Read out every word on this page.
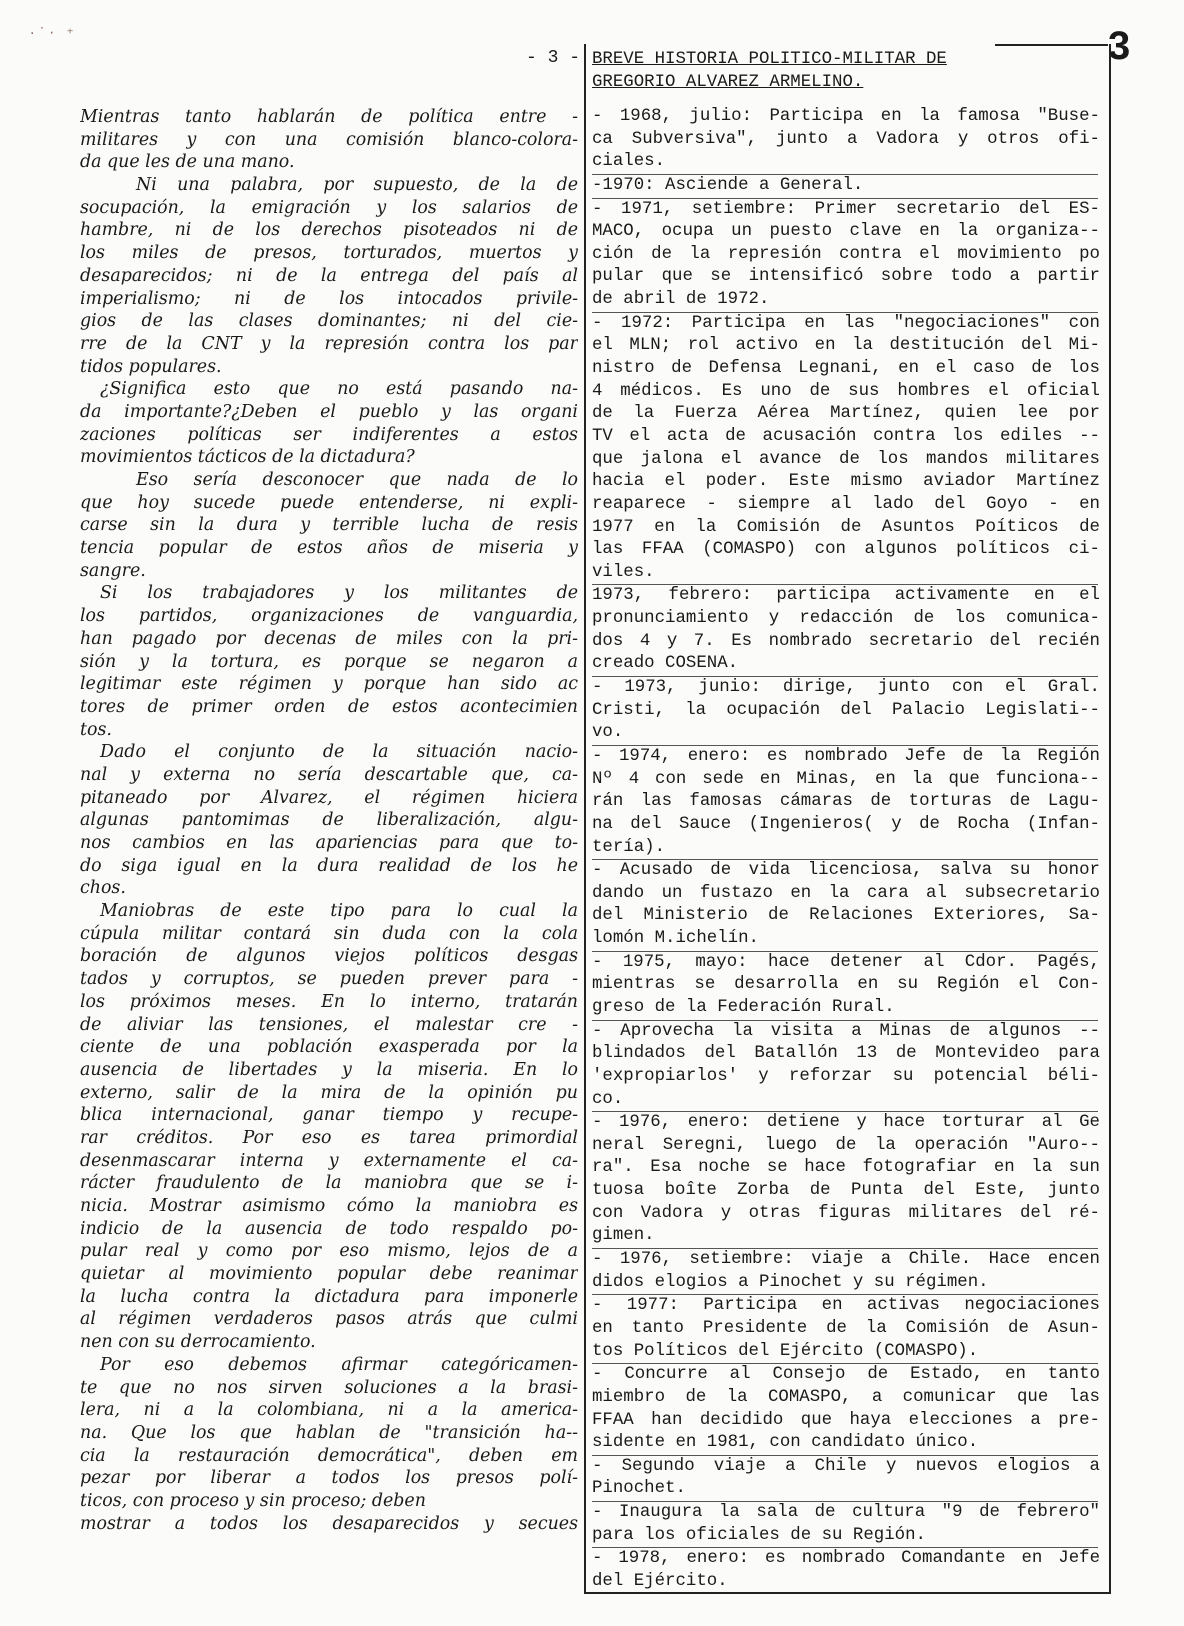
·˙‧ ⁺
- 3 -	3
BREVE HISTORIA POLITICO-MILITAR DE
GREGORIO ALVAREZ ARMELINO.
Mientras tanto hablarán de política entre -
militares y con una comisión blanco-colora-
da que les de una mano.
Ni una palabra, por supuesto, de la de
socupación, la emigración y los salarios de
hambre, ni de los derechos pisoteados ni de
los miles de presos, torturados, muertos y
desaparecidos; ni de la entrega del país al
imperialismo; ni de los intocados privile-
gios de las clases dominantes; ni del cie-
rre de la CNT y la represión contra los par
tidos populares.
¿Significa esto que no está pasando na-
da importante?¿Deben el pueblo y las organi
zaciones políticas ser indiferentes a estos
movimientos tácticos de la dictadura?
Eso sería desconocer que nada de lo
que hoy sucede puede entenderse, ni expli-
carse sin la dura y terrible lucha de resis
tencia popular de estos años de miseria y
sangre.
Si los trabajadores y los militantes de
los partidos, organizaciones de vanguardia,
han pagado por decenas de miles con la pri-
sión y la tortura, es porque se negaron a
legitimar este régimen y porque han sido ac
tores de primer orden de estos acontecimien
tos.
Dado el conjunto de la situación nacio-
nal y externa no sería descartable que, ca-
pitaneado por Alvarez, el régimen hiciera
algunas pantomimas de liberalización, algu-
nos cambios en las apariencias para que to-
do siga igual en la dura realidad de los he
chos.
Maniobras de este tipo para lo cual la
cúpula militar contará sin duda con la cola
boración de algunos viejos políticos desgas
tados y corruptos, se pueden prever para -
los próximos meses. En lo interno, tratarán
de aliviar las tensiones, el malestar cre -
ciente de una población exasperada por la
ausencia de libertades y la miseria. En lo
externo, salir de la mira de la opinión pu
blica internacional, ganar tiempo y recupe-
rar créditos. Por eso es tarea primordial
desenmascarar interna y externamente el ca-
rácter fraudulento de la maniobra que se i-
nicia. Mostrar asimismo cómo la maniobra es
indicio de la ausencia de todo respaldo po-
pular real y como por eso mismo, lejos de a
quietar al movimiento popular debe reanimar
la lucha contra la dictadura para imponerle
al régimen verdaderos pasos atrás que culmi
nen con su derrocamiento.
Por eso debemos afirmar categóricamen-
te que no nos sirven soluciones a la brasi-
lera, ni a la colombiana, ni a la america-
na. Que los que hablan de "transición ha--
cia la restauración democrática", deben em
pezar por liberar a todos los presos polí-
ticos, con proceso y sin proceso; deben
mostrar a todos los desaparecidos y secues
- 1968, julio: Participa en la famosa "Buse-
ca Subversiva", junto a Vadora y otros ofi-
ciales.
-1970: Asciende a General.
- 1971, setiembre: Primer secretario del ES-
MACO, ocupa un puesto clave en la organiza--
ción de la represión contra el movimiento po
pular que se intensificó sobre todo a partir
de abril de 1972.
- 1972: Participa en las "negociaciones" con
el MLN; rol activo en la destitución del Mi-
nistro de Defensa Legnani, en el caso de los
4 médicos. Es uno de sus hombres el oficial
de la Fuerza Aérea Martínez, quien lee por
TV el acta de acusación contra los ediles --
que jalona el avance de los mandos militares
hacia el poder. Este mismo aviador Martínez
reaparece - siempre al lado del Goyo - en
1977 en la Comisión de Asuntos Poíticos de
las FFAA (COMASPO) con algunos políticos ci-
viles.
1973, febrero: participa activamente en el
pronunciamiento y redacción de los comunica-
dos 4 y 7. Es nombrado secretario del recién
creado COSENA.
- 1973, junio: dirige, junto con el Gral.
Cristi, la ocupación del Palacio Legislati--
vo.
- 1974, enero: es nombrado Jefe de la Región
Nº 4 con sede en Minas, en la que funciona--
rán las famosas cámaras de torturas de Lagu-
na del Sauce (Ingenieros( y de Rocha (Infan-
tería).
- Acusado de vida licenciosa, salva su honor
dando un fustazo en la cara al subsecretario
del Ministerio de Relaciones Exteriores, Sa-
lomón M.ichelín.
- 1975, mayo: hace detener al Cdor. Pagés,
mientras se desarrolla en su Región el Con-
greso de la Federación Rural.
- Aprovecha la visita a Minas de algunos --
blindados del Batallón 13 de Montevideo para
'expropiarlos' y reforzar su potencial béli-
co.
- 1976, enero: detiene y hace torturar al Ge
neral Seregni, luego de la operación "Auro--
ra". Esa noche se hace fotografiar en la sun
tuosa boîte Zorba de Punta del Este, junto
con Vadora y otras figuras militares del ré-
gimen.
- 1976, setiembre: viaje a Chile. Hace encen
didos elogios a Pinochet y su régimen.
- 1977: Participa en activas negociaciones
en tanto Presidente de la Comisión de Asun-
tos Políticos del Ejército (COMASPO).
- Concurre al Consejo de Estado, en tanto
miembro de la COMASPO, a comunicar que las
FFAA han decidido que haya elecciones a pre-
sidente en 1981, con candidato único.
- Segundo viaje a Chile y nuevos elogios a
Pinochet.
- Inaugura la sala de cultura "9 de febrero"
para los oficiales de su Región.
- 1978, enero: es nombrado Comandante en Jefe
del Ejército.
